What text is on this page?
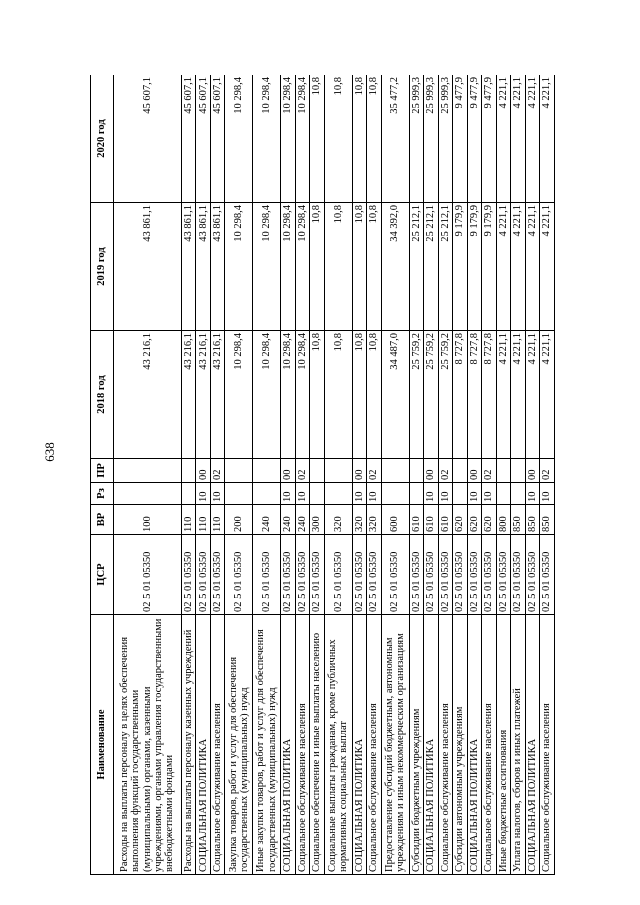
638
Наименование	ЦСР	ВР	Рз	ПР	2018 год	2019 год	2020 год
Расходы на выплаты персоналу в целях обеспечения выполнения функций государственными (муниципальными) органами, казенными учреждениями, органами управления государственными внебюджетными фондами	02 5 01 05350	100			43 216,1	43 861,1	45 607,1
Расходы на выплаты персоналу казенных учреждений	02 5 01 05350	110			43 216,1	43 861,1	45 607,1
СОЦИАЛЬНАЯ ПОЛИТИКА	02 5 01 05350	110	10	00	43 216,1	43 861,1	45 607,1
Социальное обслуживание населения	02 5 01 05350	110	10	02	43 216,1	43 861,1	45 607,1
Закупка товаров, работ и услуг для обеспечения государственных (муниципальных) нужд	02 5 01 05350	200			10 298,4	10 298,4	10 298,4
Иные закупки товаров, работ и услуг для обеспечения государственных (муниципальных) нужд	02 5 01 05350	240			10 298,4	10 298,4	10 298,4
СОЦИАЛЬНАЯ ПОЛИТИКА	02 5 01 05350	240	10	00	10 298,4	10 298,4	10 298,4
Социальное обслуживание населения	02 5 01 05350	240	10	02	10 298,4	10 298,4	10 298,4
Социальное обеспечение и иные выплаты населению	02 5 01 05350	300			10,8	10,8	10,8
Социальные выплаты гражданам, кроме публичных нормативных социальных выплат	02 5 01 05350	320			10,8	10,8	10,8
СОЦИАЛЬНАЯ ПОЛИТИКА	02 5 01 05350	320	10	00	10,8	10,8	10,8
Социальное обслуживание населения	02 5 01 05350	320	10	02	10,8	10,8	10,8
Предоставление субсидий бюджетным, автономным учреждениям и иным некоммерческим организациям	02 5 01 05350	600			34 487,0	34 392,0	35 477,2
Субсидии бюджетным учреждениям	02 5 01 05350	610			25 759,2	25 212,1	25 999,3
СОЦИАЛЬНАЯ ПОЛИТИКА	02 5 01 05350	610	10	00	25 759,2	25 212,1	25 999,3
Социальное обслуживание населения	02 5 01 05350	610	10	02	25 759,2	25 212,1	25 999,3
Субсидии автономным учреждениям	02 5 01 05350	620			8 727,8	9 179,9	9 477,9
СОЦИАЛЬНАЯ ПОЛИТИКА	02 5 01 05350	620	10	00	8 727,8	9 179,9	9 477,9
Социальное обслуживание населения	02 5 01 05350	620	10	02	8 727,8	9 179,9	9 477,9
Иные бюджетные ассигнования	02 5 01 05350	800			4 221,1	4 221,1	4 221,1
Уплата налогов, сборов и иных платежей	02 5 01 05350	850			4 221,1	4 221,1	4 221,1
СОЦИАЛЬНАЯ ПОЛИТИКА	02 5 01 05350	850	10	00	4 221,1	4 221,1	4 221,1
Социальное обслуживание населения	02 5 01 05350	850	10	02	4 221,1	4 221,1	4 221,1
